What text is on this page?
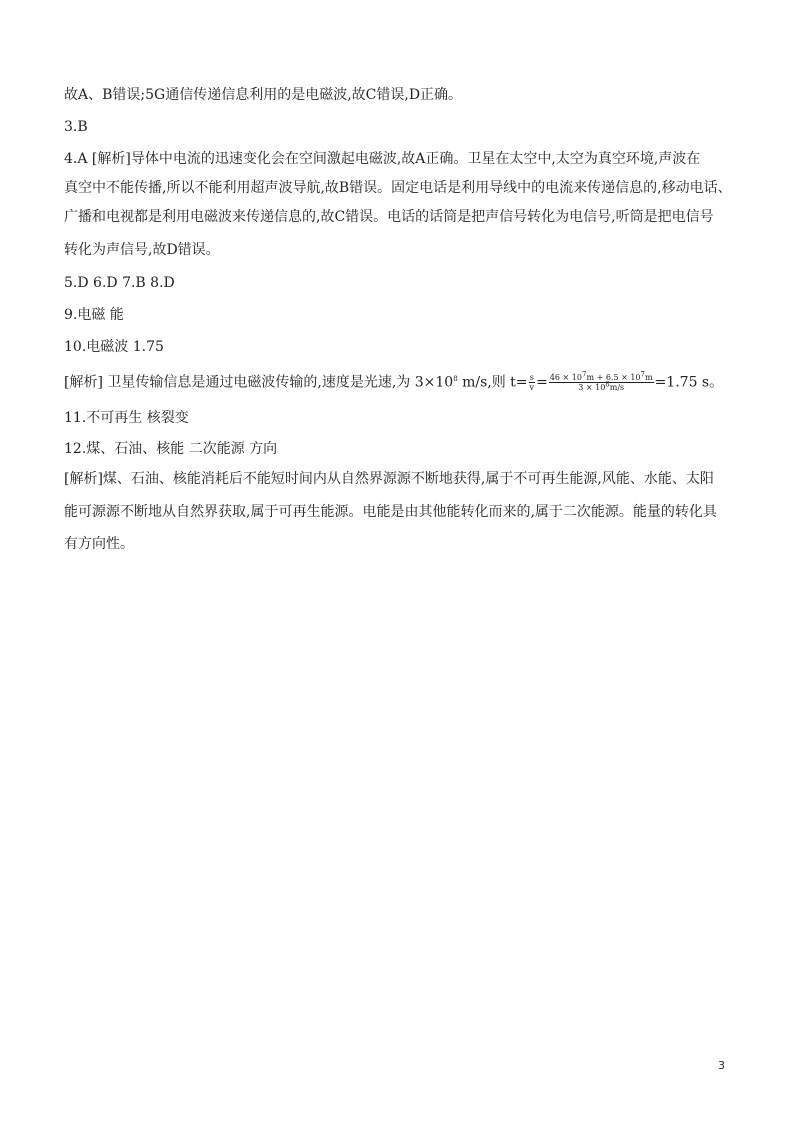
故A、B错误;5G通信传递信息利用的是电磁波,故C错误,D正确。
3.B
4.A [解析]导体中电流的迅速变化会在空间激起电磁波,故A正确。卫星在太空中,太空为真空环境,声波在
真空中不能传播,所以不能利用超声波导航,故B错误。固定电话是利用导线中的电流来传递信息的,移动电话、
广播和电视都是利用电磁波来传递信息的,故C错误。电话的话筒是把声信号转化为电信号,听筒是把电信号
转化为声信号,故D错误。
5.D 6.D 7.B 8.D
9.电磁 能
10.电磁波 1.75
[解析] 卫星传输信息是通过电磁波传输的,速度是光速,为 $3\times 10^8$ m/s,则 $t= \frac{s}{v} = \frac{46 \times 10^7m + 6.5 \times 10^7m}{3 \times 10^8m/s} =1.75$ s。
11.不可再生 核裂变
12.煤、石油、核能 二次能源 方向
[解析]煤、石油、核能消耗后不能短时间内从自然界源源不断地获得,属于不可再生能源,风能、水能、太阳
能可源源不断地从自然界获取,属于可再生能源。电能是由其他能转化而来的,属于二次能源。能量的转化具
有方向性。
3
